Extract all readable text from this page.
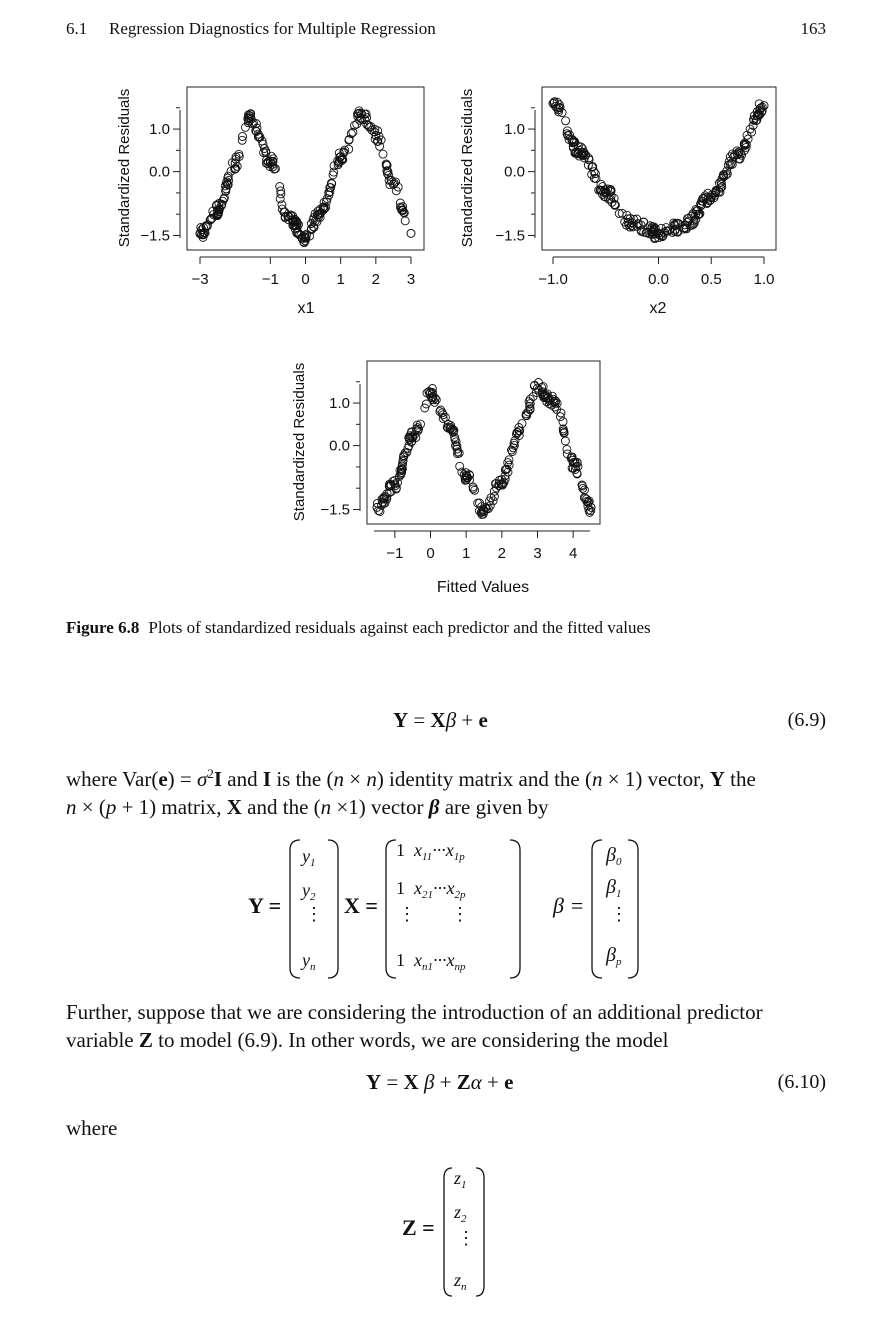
6.1 Regression Diagnostics for Multiple Regression	163
Standardized Residuals 1.0
0.0
−1.5
−3	−1 0 1 2 3
x1
Standardized Residuals 1.0
0.0
−1.5
−1.0	0.0 0.5 1.0
x2
Standardized Residuals 1.0
0.0
−1.5
−1 0 1 2 3 4
Fitted Values
Figure 6.8 Plots of standardized residuals against each predictor and the fitted values
Y = Xβ + e	(6.9)
where $Var(e) = \sigma^2I$ and I is the (n × n) identity matrix and the (n × 1) vector, Y the
n × (p + 1) matrix, X and the (n ×1) vector β are given by
Y =
$y_1$
$y_2$
⋮
$y_n$
X =
1 $x_{11}\cdot\cdot\cdot x_{1p}$
1 $x_{21}\cdot\cdot\cdot x_{2p}$
⋮ ⋮
1 $x_{n1}\cdot\cdot\cdot x_{np}$
β =
$\beta_0$
$\beta_1$
⋮
$\beta_p$
Further, suppose that we are considering the introduction of an additional predictor
variable Z to model (6.9). In other words, we are considering the model
Y = X β + Zα + e	(6.10)
where
Z =
$z_1$
$z_2$
⋮
$z_n$
